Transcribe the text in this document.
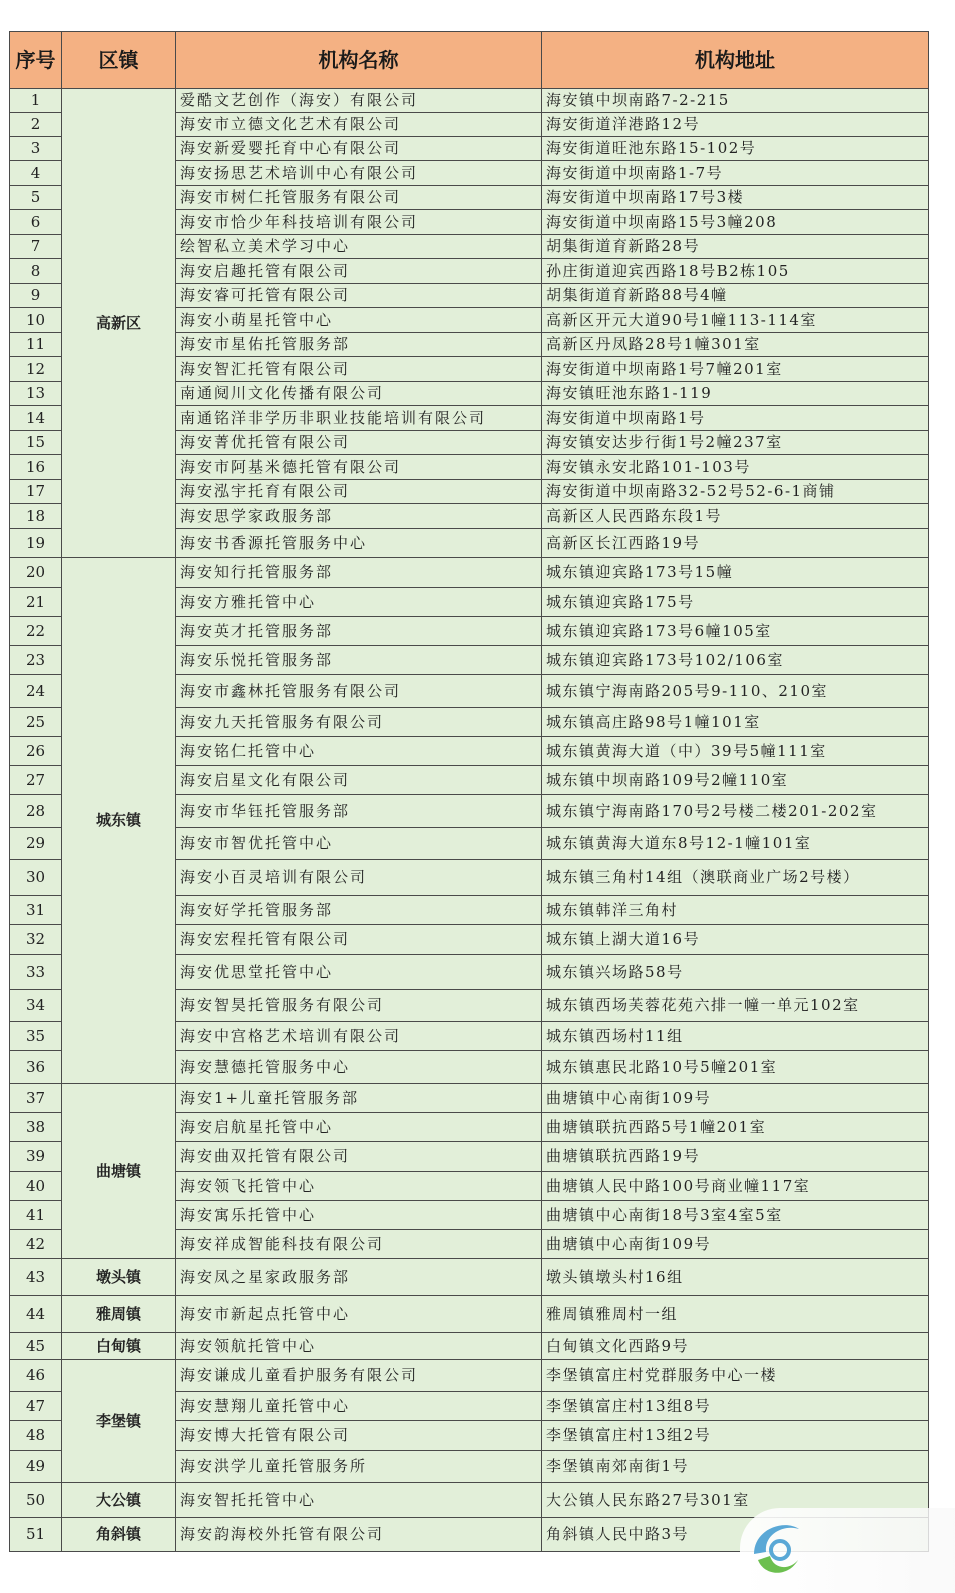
序号	区镇	机构名称	机构地址
1	高新区	爱酷文艺创作（海安）有限公司	海安镇中坝南路7-2-215
2		海安市立德文化艺术有限公司	海安街道洋港路12号
3		海安新爱婴托育中心有限公司	海安街道旺池东路15-102号
4		海安扬思艺术培训中心有限公司	海安街道中坝南路1-7号
5		海安市树仁托管服务有限公司	海安街道中坝南路17号3楼
6		海安市恰少年科技培训有限公司	海安街道中坝南路15号3幢208
7		绘智私立美术学习中心	胡集街道育新路28号
8		海安启趣托管有限公司	孙庄街道迎宾西路18号B2栋105
9		海安睿可托管有限公司	胡集街道育新路88号4幢
10		海安小萌星托管中心	高新区开元大道90号1幢113-114室
11		海安市星佑托管服务部	高新区丹凤路28号1幢301室
12		海安智汇托管有限公司	海安街道中坝南路1号7幢201室
13		南通阋川文化传播有限公司	海安镇旺池东路1-119
14		南通铭洋非学历非职业技能培训有限公司	海安街道中坝南路1号
15		海安菁优托管有限公司	海安镇安达步行街1号2幢237室
16		海安市阿基米德托管有限公司	海安镇永安北路101-103号
17		海安泓宇托育有限公司	海安街道中坝南路32-52号52-6-1商铺
18		海安思学家政服务部	高新区人民西路东段1号
19		海安书香源托管服务中心	高新区长江西路19号
20	城东镇	海安知行托管服务部	城东镇迎宾路173号15幢
21		海安方雅托管中心	城东镇迎宾路175号
22		海安英才托管服务部	城东镇迎宾路173号6幢105室
23		海安乐悦托管服务部	城东镇迎宾路173号102/106室
24		海安市鑫林托管服务有限公司	城东镇宁海南路205号9-110、210室
25		海安九天托管服务有限公司	城东镇高庄路98号1幢101室
26		海安铭仁托管中心	城东镇黄海大道（中）39号5幢111室
27		海安启星文化有限公司	城东镇中坝南路109号2幢110室
28		海安市华钰托管服务部	城东镇宁海南路170号2号楼二楼201-202室
29		海安市智优托管中心	城东镇黄海大道东8号12-1幢101室
30		海安小百灵培训有限公司	城东镇三角村14组（澳联商业广场2号楼）
31		海安好学托管服务部	城东镇韩洋三角村
32		海安宏程托管有限公司	城东镇上湖大道16号
33		海安优思堂托管中心	城东镇兴场路58号
34		海安智昊托管服务有限公司	城东镇西场芙蓉花苑六排一幢一单元102室
35		海安中宫格艺术培训有限公司	城东镇西场村11组
36		海安慧德托管服务中心	城东镇惠民北路10号5幢201室
37	曲塘镇	海安1+儿童托管服务部	曲塘镇中心南街109号
38		海安启航星托管中心	曲塘镇联抗西路5号1幢201室
39		海安曲双托管有限公司	曲塘镇联抗西路19号
40		海安领飞托管中心	曲塘镇人民中路100号商业幢117室
41		海安寓乐托管中心	曲塘镇中心南街18号3室4室5室
42		海安祥成智能科技有限公司	曲塘镇中心南街109号
43	墩头镇	海安凤之星家政服务部	墩头镇墩头村16组
44	雅周镇	海安市新起点托管中心	雅周镇雅周村一组
45	白甸镇	海安领航托管中心	白甸镇文化西路9号
46	李堡镇	海安谦成儿童看护服务有限公司	李堡镇富庄村党群服务中心一楼
47		海安慧翔儿童托管中心	李堡镇富庄村13组8号
48		海安博大托管有限公司	李堡镇富庄村13组2号
49		海安洪学儿童托管服务所	李堡镇南郊南街1号
50	大公镇	海安智托托管中心	大公镇人民东路27号301室
51	角斜镇	海安韵海校外托管有限公司	角斜镇人民中路3号
